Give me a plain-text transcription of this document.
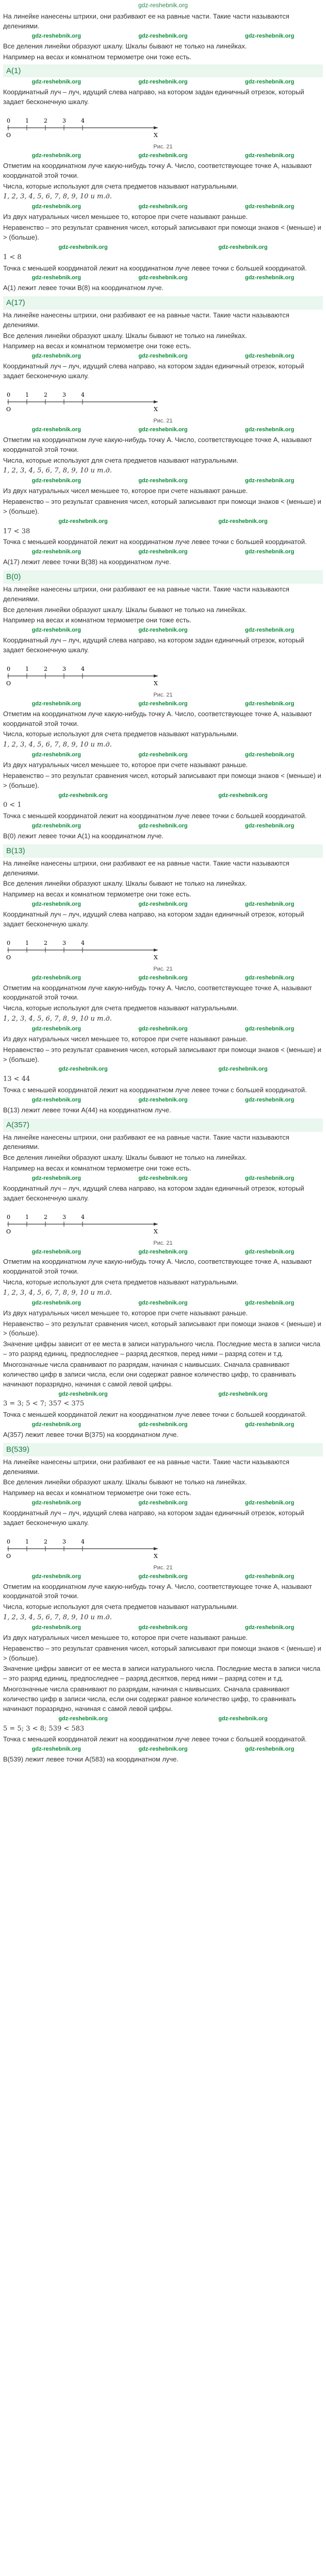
gdz-reshebnik.org
На линейке нанесены штрихи, они разбивают ее на равные части. Такие части называются делениями.
gdz-reshebnik.org	gdz-reshebnik.org	gdz-reshebnik.org
Все деления линейки образуют шкалу. Шкалы бывают не только на линейках.
Например на весах и комнатном термометре они тоже есть.
А(1)
gdz-reshebnik.org	gdz-reshebnik.org	gdz-reshebnik.org
Координатный луч – луч, идущий слева направо, на котором задан единичный отрезок, который задает бесконечную шкалу.
0	1	2	3	4
O	X
Рис. 21
gdz-reshebnik.org	gdz-reshebnik.org	gdz-reshebnik.org
Отметим на координатном луче какую-нибудь точку А. Число, соответствующее точке А, называют координатой этой точки.
Числа, которые используют для счета предметов называют натуральными.
1, 2, 3, 4, 5, 6, 7, 8, 9, 10 и т.д.
gdz-reshebnik.org	gdz-reshebnik.org	gdz-reshebnik.org
Из двух натуральных чисел меньшее то, которое при счете называют раньше.
Неравенство – это результат сравнения чисел, который записывают при помощи знаков < (меньше) и > (больше).
gdz-reshebnik.org	gdz-reshebnik.org
1 < 8
Точка с меньшей координатой лежит на координатном луче левее точки с большей координатой.
gdz-reshebnik.org	gdz-reshebnik.org	gdz-reshebnik.org
А(1) лежит левее точки В(8) на координатном луче.
А(17)
На линейке нанесены штрихи, они разбивают ее на равные части. Такие части называются делениями.
Все деления линейки образуют шкалу. Шкалы бывают не только на линейках.
Например на весах и комнатном термометре они тоже есть.
gdz-reshebnik.org	gdz-reshebnik.org	gdz-reshebnik.org
Координатный луч – луч, идущий слева направо, на котором задан единичный отрезок, который задает бесконечную шкалу.
0	1	2	3	4
O	X
Рис. 21
gdz-reshebnik.org	gdz-reshebnik.org	gdz-reshebnik.org
Отметим на координатном луче какую-нибудь точку А. Число, соответствующее точке А, называют координатой этой точки.
Числа, которые используют для счета предметов называют натуральными.
1, 2, 3, 4, 5, 6, 7, 8, 9, 10 и т.д.
gdz-reshebnik.org	gdz-reshebnik.org	gdz-reshebnik.org
Из двух натуральных чисел меньшее то, которое при счете называют раньше.
Неравенство – это результат сравнения чисел, который записывают при помощи знаков < (меньше) и > (больше).
gdz-reshebnik.org	gdz-reshebnik.org
17 < 38
Точка с меньшей координатой лежит на координатном луче левее точки с большей координатой.
gdz-reshebnik.org	gdz-reshebnik.org	gdz-reshebnik.org
А(17) лежит левее точки В(38) на координатном луче.
В(0)
На линейке нанесены штрихи, они разбивают ее на равные части. Такие части называются делениями.
Все деления линейки образуют шкалу. Шкалы бывают не только на линейках.
Например на весах и комнатном термометре они тоже есть.
gdz-reshebnik.org	gdz-reshebnik.org	gdz-reshebnik.org
Координатный луч – луч, идущий слева направо, на котором задан единичный отрезок, который задает бесконечную шкалу.
0	1	2	3	4
O	X
Рис. 21
gdz-reshebnik.org	gdz-reshebnik.org	gdz-reshebnik.org
Отметим на координатном луче какую-нибудь точку А. Число, соответствующее точке А, называют координатой этой точки.
Числа, которые используют для счета предметов называют натуральными.
1, 2, 3, 4, 5, 6, 7, 8, 9, 10 и т.д.
gdz-reshebnik.org	gdz-reshebnik.org	gdz-reshebnik.org
Из двух натуральных чисел меньшее то, которое при счете называют раньше.
Неравенство – это результат сравнения чисел, который записывают при помощи знаков < (меньше) и > (больше).
gdz-reshebnik.org	gdz-reshebnik.org
0 < 1
Точка с меньшей координатой лежит на координатном луче левее точки с большей координатой.
gdz-reshebnik.org	gdz-reshebnik.org	gdz-reshebnik.org
В(0) лежит левее точки А(1) на координатном луче.
В(13)
На линейке нанесены штрихи, они разбивают ее на равные части. Такие части называются делениями.
Все деления линейки образуют шкалу. Шкалы бывают не только на линейках.
Например на весах и комнатном термометре они тоже есть.
gdz-reshebnik.org	gdz-reshebnik.org	gdz-reshebnik.org
Координатный луч – луч, идущий слева направо, на котором задан единичный отрезок, который задает бесконечную шкалу.
0	1	2	3	4
O	X
Рис. 21
gdz-reshebnik.org	gdz-reshebnik.org	gdz-reshebnik.org
Отметим на координатном луче какую-нибудь точку А. Число, соответствующее точке А, называют координатой этой точки.
Числа, которые используют для счета предметов называют натуральными.
1, 2, 3, 4, 5, 6, 7, 8, 9, 10 и т.д.
gdz-reshebnik.org	gdz-reshebnik.org	gdz-reshebnik.org
Из двух натуральных чисел меньшее то, которое при счете называют раньше.
Неравенство – это результат сравнения чисел, который записывают при помощи знаков < (меньше) и > (больше).
gdz-reshebnik.org	gdz-reshebnik.org
13 < 44
Точка с меньшей координатой лежит на координатном луче левее точки с большей координатой.
gdz-reshebnik.org	gdz-reshebnik.org	gdz-reshebnik.org
В(13) лежит левее точки А(44) на координатном луче.
А(357)
На линейке нанесены штрихи, они разбивают ее на равные части. Такие части называются делениями.
Все деления линейки образуют шкалу. Шкалы бывают не только на линейках.
Например на весах и комнатном термометре они тоже есть.
gdz-reshebnik.org	gdz-reshebnik.org	gdz-reshebnik.org
Координатный луч – луч, идущий слева направо, на котором задан единичный отрезок, который задает бесконечную шкалу.
0	1	2	3	4
O	X
Рис. 21
gdz-reshebnik.org	gdz-reshebnik.org	gdz-reshebnik.org
Отметим на координатном луче какую-нибудь точку А. Число, соответствующее точке А, называют координатой этой точки.
Числа, которые используют для счета предметов называют натуральными.
1, 2, 3, 4, 5, 6, 7, 8, 9, 10 и т.д.
gdz-reshebnik.org	gdz-reshebnik.org	gdz-reshebnik.org
Из двух натуральных чисел меньшее то, которое при счете называют раньше.
Неравенство – это результат сравнения чисел, который записывают при помощи знаков < (меньше) и > (больше).
Значение цифры зависит от ее места в записи натурального числа. Последние места в записи числа – это разряд единиц, предпоследнее – разряд десятков, перед ними – разряд сотен и т.д.
Многозначные числа сравнивают по разрядам, начиная с наивысших. Сначала сравнивают количество цифр в записи числа, если они содержат равное количество цифр, то сравнивать начинают поразрядно, начиная с самой левой цифры.
gdz-reshebnik.org	gdz-reshebnik.org
3 = 3; 5 < 7; 357 < 375
Точка с меньшей координатой лежит на координатном луче левее точки с большей координатой.
gdz-reshebnik.org	gdz-reshebnik.org	gdz-reshebnik.org
А(357) лежит левее точки В(375) на координатном луче.
В(539)
На линейке нанесены штрихи, они разбивают ее на равные части. Такие части называются делениями.
Все деления линейки образуют шкалу. Шкалы бывают не только на линейках.
Например на весах и комнатном термометре они тоже есть.
gdz-reshebnik.org	gdz-reshebnik.org	gdz-reshebnik.org
Координатный луч – луч, идущий слева направо, на котором задан единичный отрезок, который задает бесконечную шкалу.
0	1	2	3	4
O	X
Рис. 21
gdz-reshebnik.org	gdz-reshebnik.org	gdz-reshebnik.org
Отметим на координатном луче какую-нибудь точку А. Число, соответствующее точке А, называют координатой этой точки.
Числа, которые используют для счета предметов называют натуральными.
1, 2, 3, 4, 5, 6, 7, 8, 9, 10 и т.д.
gdz-reshebnik.org	gdz-reshebnik.org	gdz-reshebnik.org
Из двух натуральных чисел меньшее то, которое при счете называют раньше.
Неравенство – это результат сравнения чисел, который записывают при помощи знаков < (меньше) и > (больше).
Значение цифры зависит от ее места в записи натурального числа. Последние места в записи числа – это разряд единиц, предпоследнее – разряд десятков, перед ними – разряд сотен и т.д.
Многозначные числа сравнивают по разрядам, начиная с наивысших. Сначала сравнивают количество цифр в записи числа, если они содержат равное количество цифр, то сравнивать начинают поразрядно, начиная с самой левой цифры.
gdz-reshebnik.org	gdz-reshebnik.org
5 = 5; 3 < 8; 539 < 583
Точка с меньшей координатой лежит на координатном луче левее точки с большей координатой.
gdz-reshebnik.org	gdz-reshebnik.org	gdz-reshebnik.org
В(539) лежит левее точки А(583) на координатном луче.
